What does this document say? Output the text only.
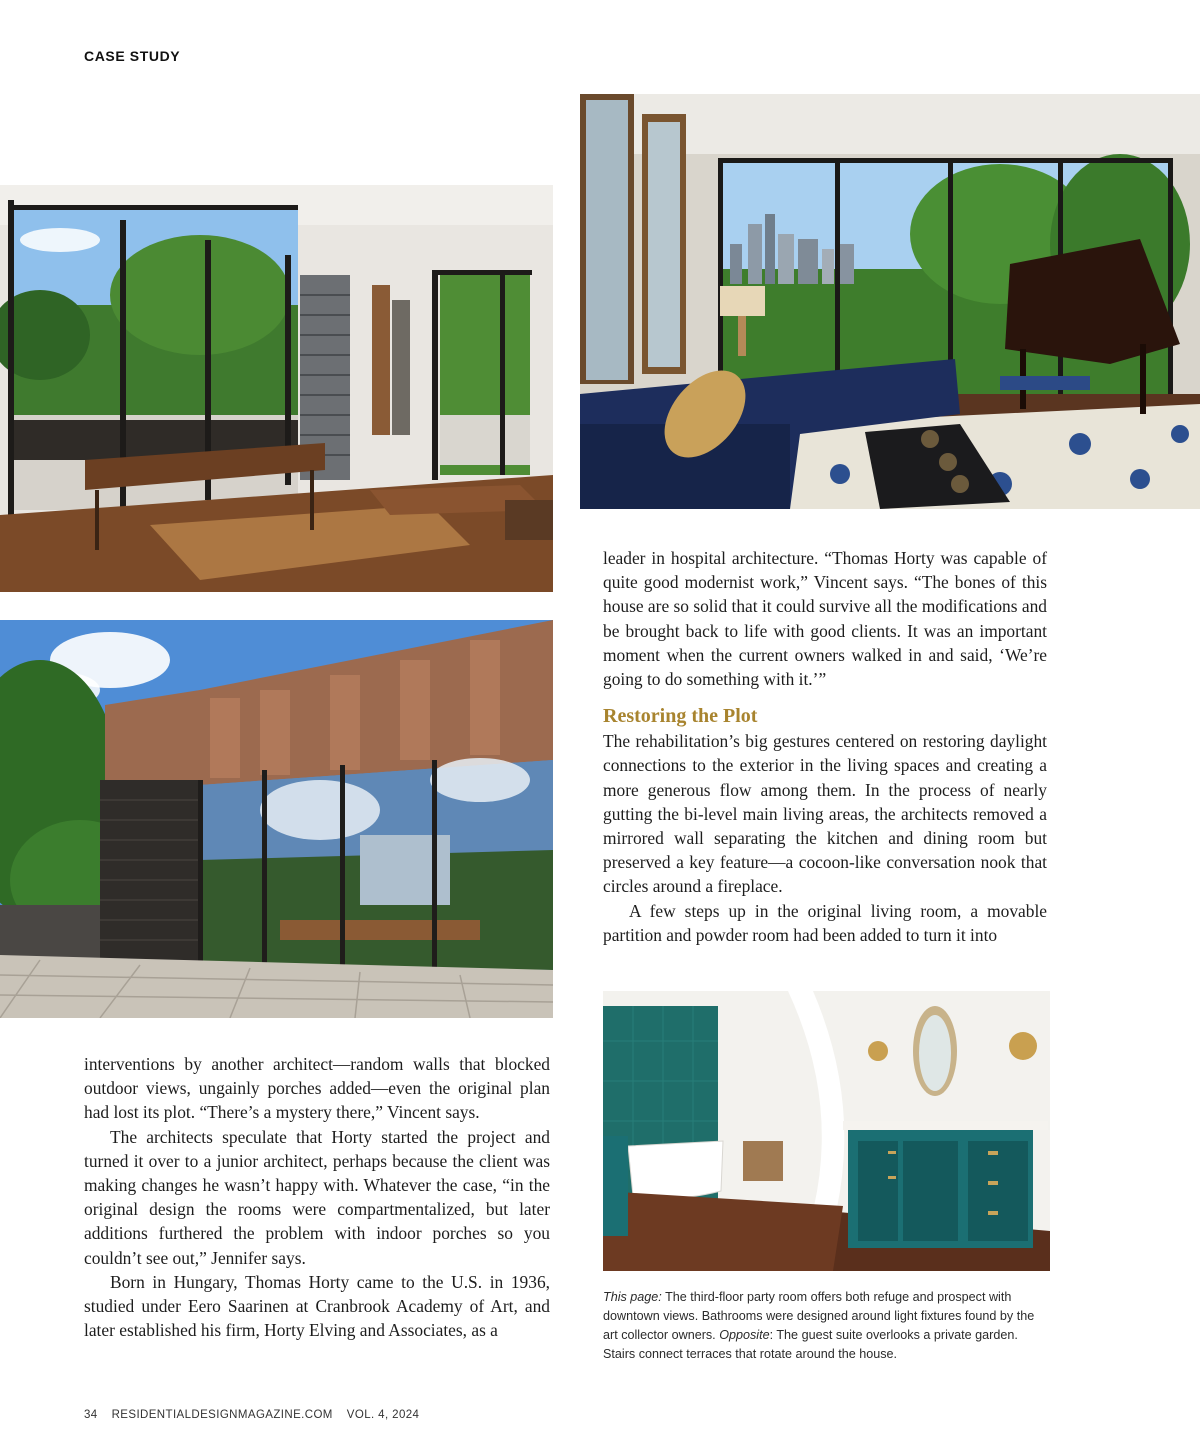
CASE STUDY

interventions by another architect—random walls that blocked outdoor views, ungainly porches added—even the original plan had lost its plot. “There’s a mystery there,” Vincent says.

The architects speculate that Horty started the project and turned it over to a junior architect, perhaps because the client was making changes he wasn’t happy with. Whatever the case, “in the original design the rooms were compartmentalized, but later additions furthered the problem with indoor porches so you couldn’t see out,” Jennifer says.

Born in Hungary, Thomas Horty came to the U.S. in 1936, studied under Eero Saarinen at Cranbrook Academy of Art, and later established his firm, Horty Elving and Associates, as a

leader in hospital architecture. “Thomas Horty was capable of quite good modernist work,” Vincent says. “The bones of this house are so solid that it could survive all the modifications and be brought back to life with good clients. It was an important moment when the current owners walked in and said, ‘We’re going to do something with it.’”

Restoring the Plot

The rehabilitation’s big gestures centered on restoring daylight connections to the exterior in the living spaces and creating a more generous flow among them. In the process of nearly gutting the bi-level main living areas, the architects removed a mirrored wall separating the kitchen and dining room but preserved a key feature—a cocoon-like conversation nook that circles around a fireplace.

A few steps up in the original living room, a movable partition and powder room had been added to turn it into

This page: The third-floor party room offers both refuge and prospect with downtown views. Bathrooms were designed around light fixtures found by the art collector owners. Opposite: The guest suite overlooks a private garden. Stairs connect terraces that rotate around the house.
34 RESIDENTIALDESIGNMAGAZINE.COM VOL. 4, 2024
